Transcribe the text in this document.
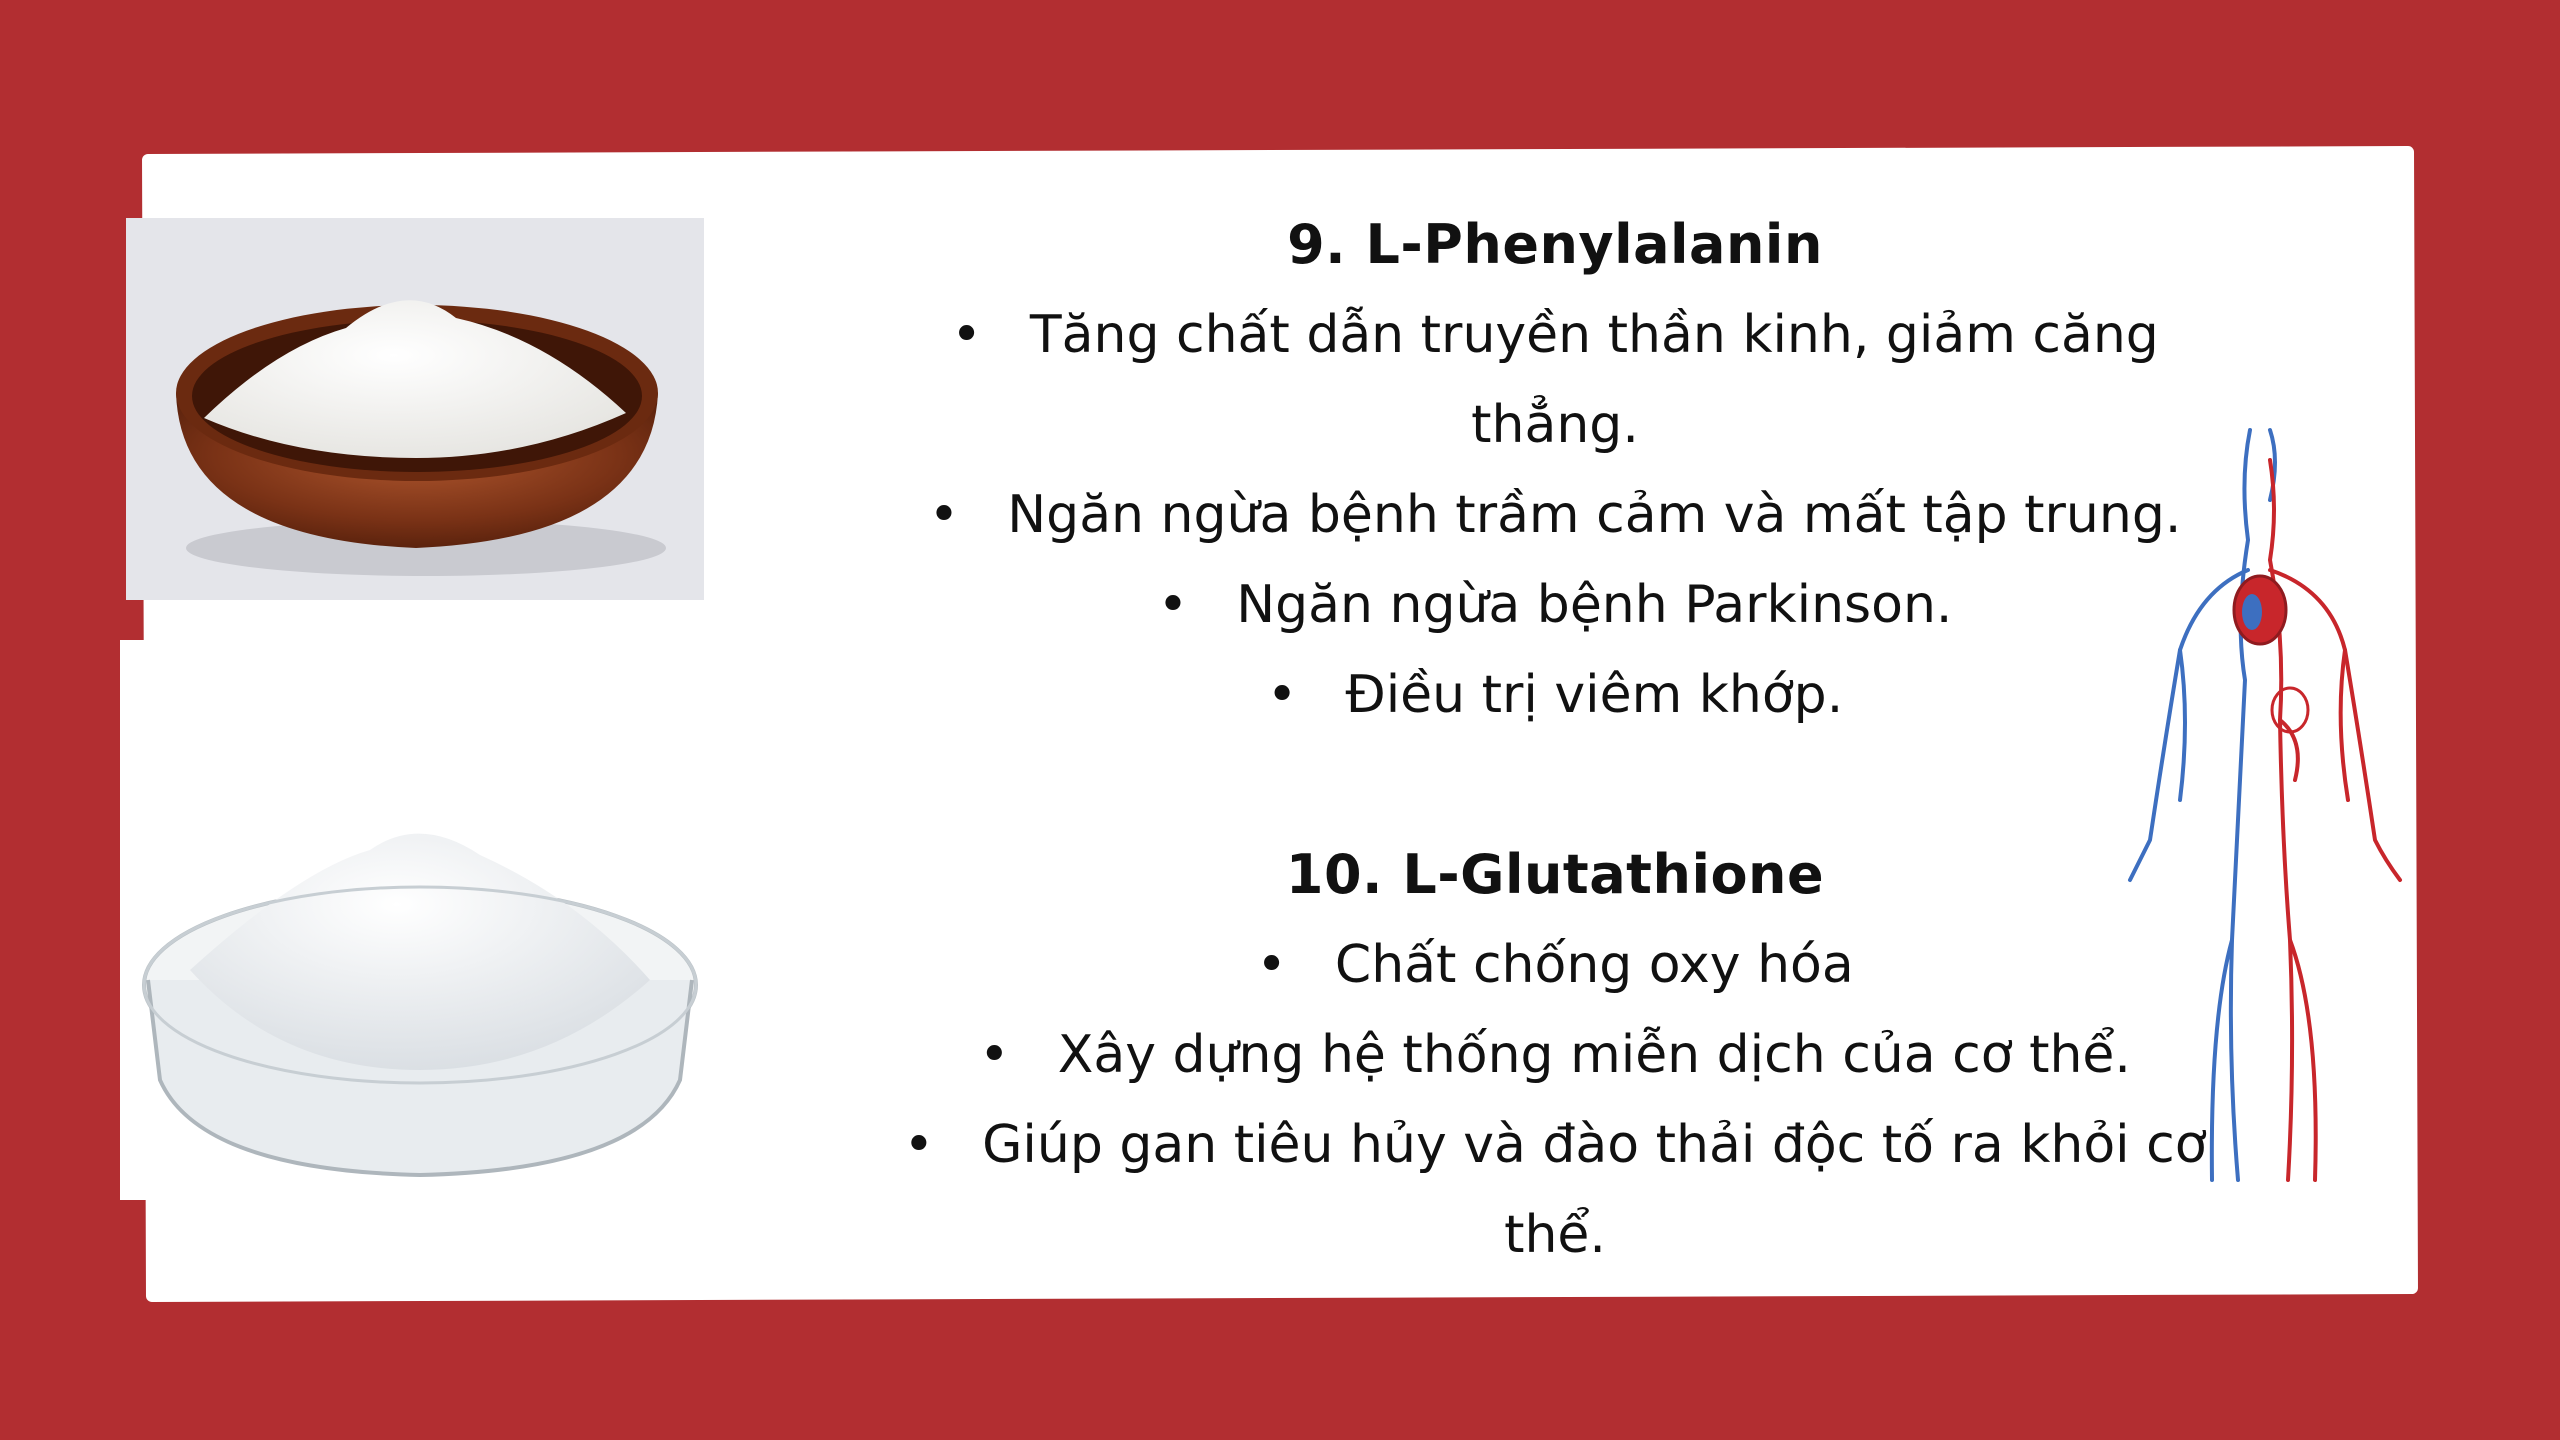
9. L-Phenylalanin
• Tăng chất dẫn truyền thần kinh, giảm căng thẳng.
• Ngăn ngừa bệnh trầm cảm và mất tập trung.
• Ngăn ngừa bệnh Parkinson.
• Điều trị viêm khớp.
10. L-Glutathione
• Chất chống oxy hóa
• Xây dựng hệ thống miễn dịch của cơ thể.
• Giúp gan tiêu hủy và đào thải độc tố ra khỏi cơ thể.
